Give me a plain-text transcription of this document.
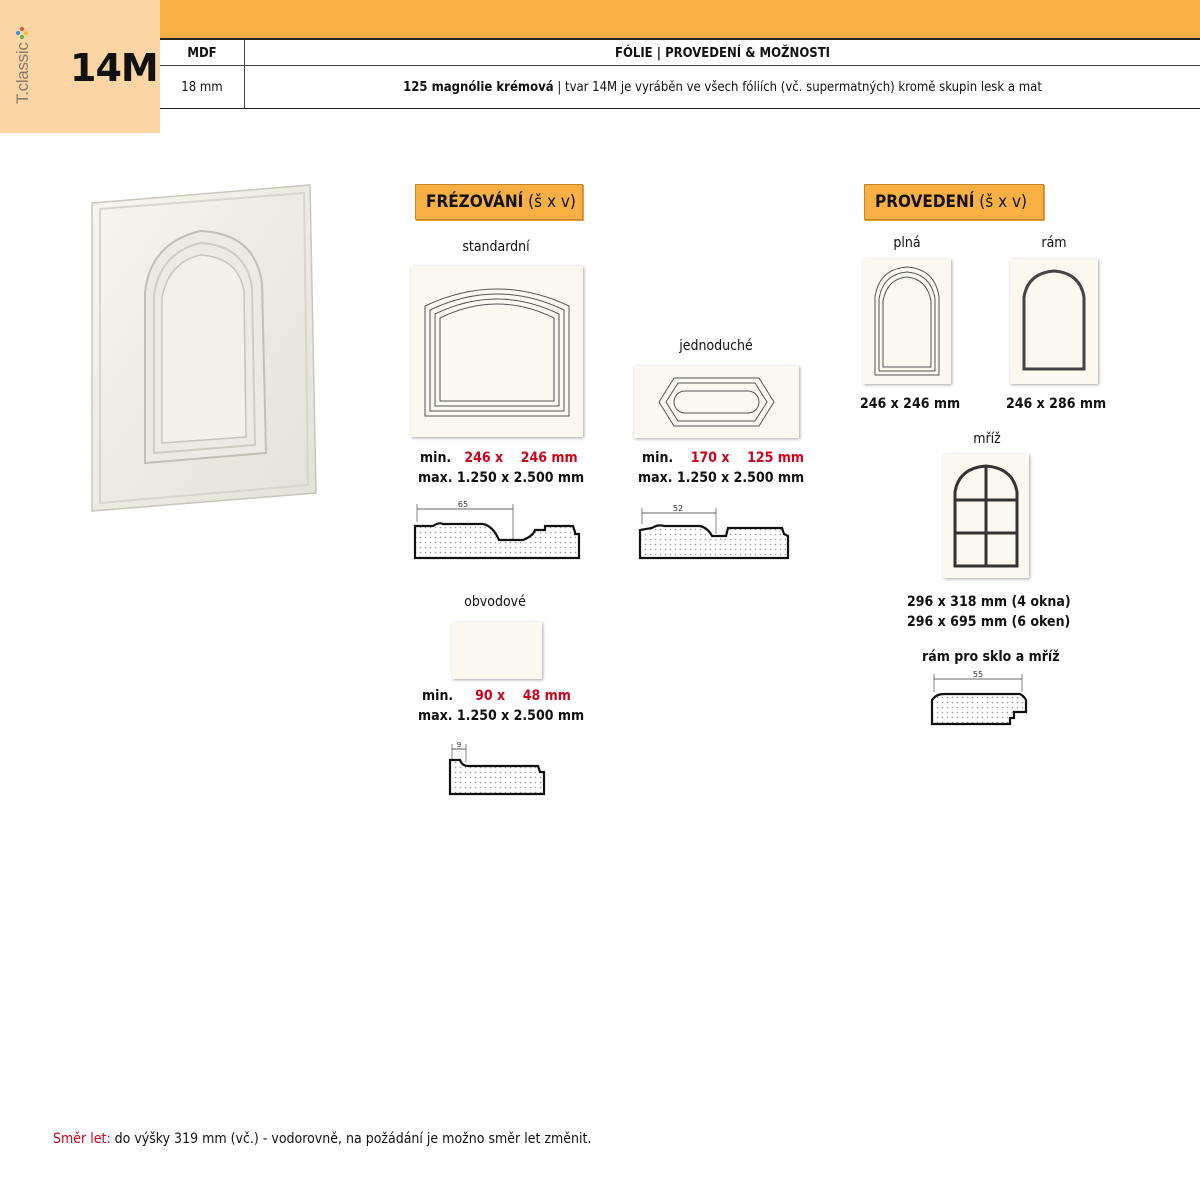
T.classic 14M	MDF	FÓLIE | PROVEDENÍ & MOŽNOSTI
18 mm	125 magnólie krémová | tvar 14M je vyráběn ve všech fóliích (vč. supermatných) kromě skupin lesk a mat
FRÉZOVÁNÍ (š x v)
standardní
min. 246 x 246 mm
max. 1.250 x 2.500 mm
65
jednoduché
min. 170 x 125 mm
max. 1.250 x 2.500 mm
52
obvodové
min. 90 x 48 mm
max. 1.250 x 2.500 mm
9
PROVEDENÍ (š x v)
plná
246 x 246 mm
rám
246 x 286 mm
mříž
296 x 318 mm (4 okna)
296 x 695 mm (6 oken)
rám pro sklo a mříž
55
Směr let: do výšky 319 mm (vč.) - vodorovně, na požádání je možno směr let změnit.
